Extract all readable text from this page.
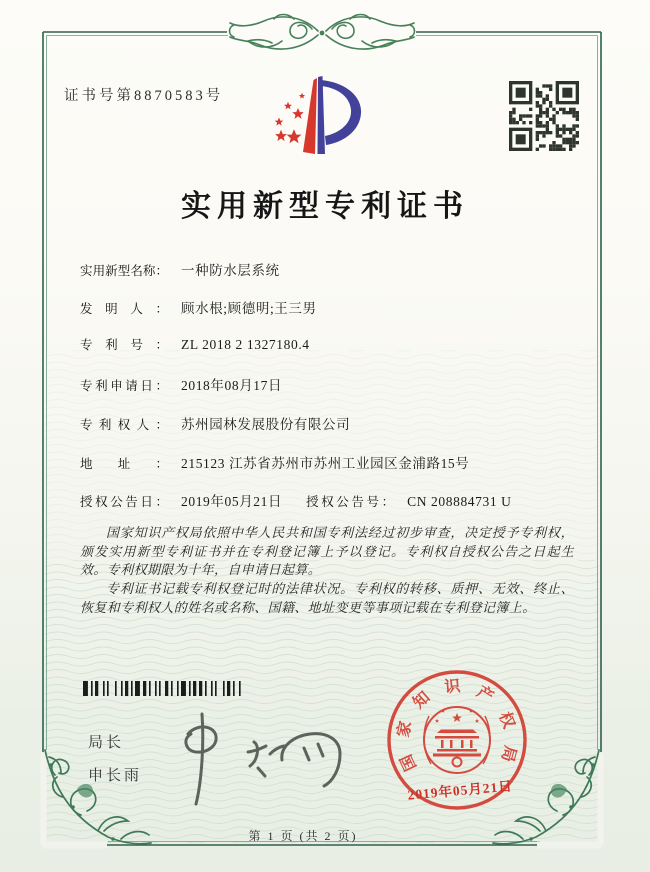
证书号第8870583号
实用新型专利证书
实用新型名称： 一种防水层系统
发明人： 顾水根;顾德明;王三男
专利号： ZL 2018 2 1327180.4
专利申请日： 2018年08月17日
专利权人： 苏州园林发展股份有限公司
地址： 215123 江苏省苏州市苏州工业园区金浦路15号
授权公告日： 2019年05月21日 授权公告号： CN 208884731 U

国家知识产权局依照中华人民共和国专利法经过初步审查，决定授予专利权，颁发实用新型专利证书并在专利登记簿上予以登记。专利权自授权公告之日起生效。专利权期限为十年，自申请日起算。

专利证书记载专利权登记时的法律状况。专利权的转移、质押、无效、终止、恢复和专利权人的姓名或名称、国籍、地址变更等事项记载在专利登记簿上。

局长
申长雨
国
家
知
识 产
权
局
2019年05月21日
第 1 页 (共 2 页)
